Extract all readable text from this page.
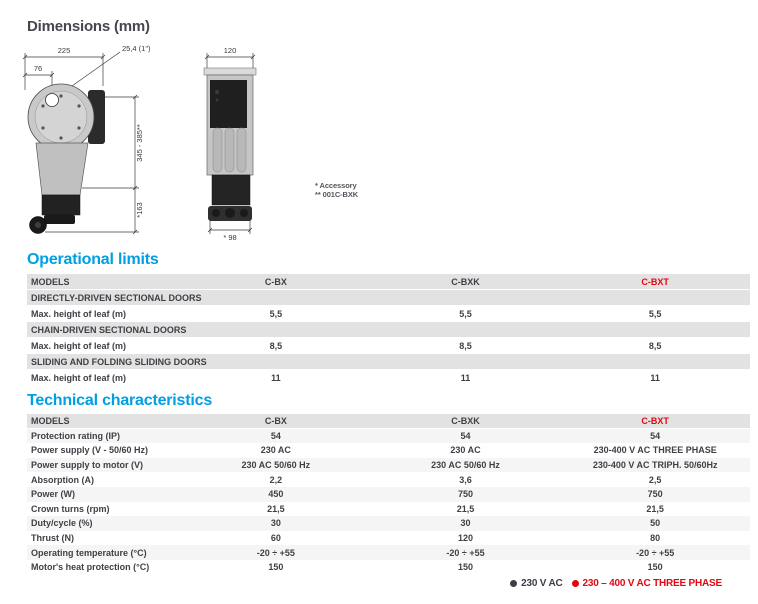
Dimensions (mm)
225
76
25,4 (1")
345 - 385**
*163
120
* 98
* Accessory
** 001C-BXK
Operational limits
MODELS	C-BX	C-BXK	C-BXT
DIRECTLY-DRIVEN SECTIONAL DOORS
Max. height of leaf (m)	5,5	5,5	5,5
CHAIN-DRIVEN SECTIONAL DOORS
Max. height of leaf (m)	8,5	8,5	8,5
SLIDING AND FOLDING SLIDING DOORS
Max. height of leaf (m)	11	11	11
Technical characteristics
MODELS	C-BX	C-BXK	C-BXT
Protection rating (IP)	54	54	54
Power supply (V - 50/60 Hz)	230 AC	230 AC	230-400 V AC THREE PHASE
Power supply to motor (V)	230 AC 50/60 Hz	230 AC 50/60 Hz	230-400 V AC TRIPH. 50/60Hz
Absorption (A)	2,2	3,6	2,5
Power (W)	450	750	750
Crown turns (rpm)	21,5	21,5	21,5
Duty/cycle (%)	30	30	50
Thrust (N)	60	120	80
Operating temperature (°C)	-20 ÷ +55	-20 ÷ +55	-20 ÷ +55
Motor's heat protection (°C)	150	150	150
230 V AC 230 – 400 V AC THREE PHASE
